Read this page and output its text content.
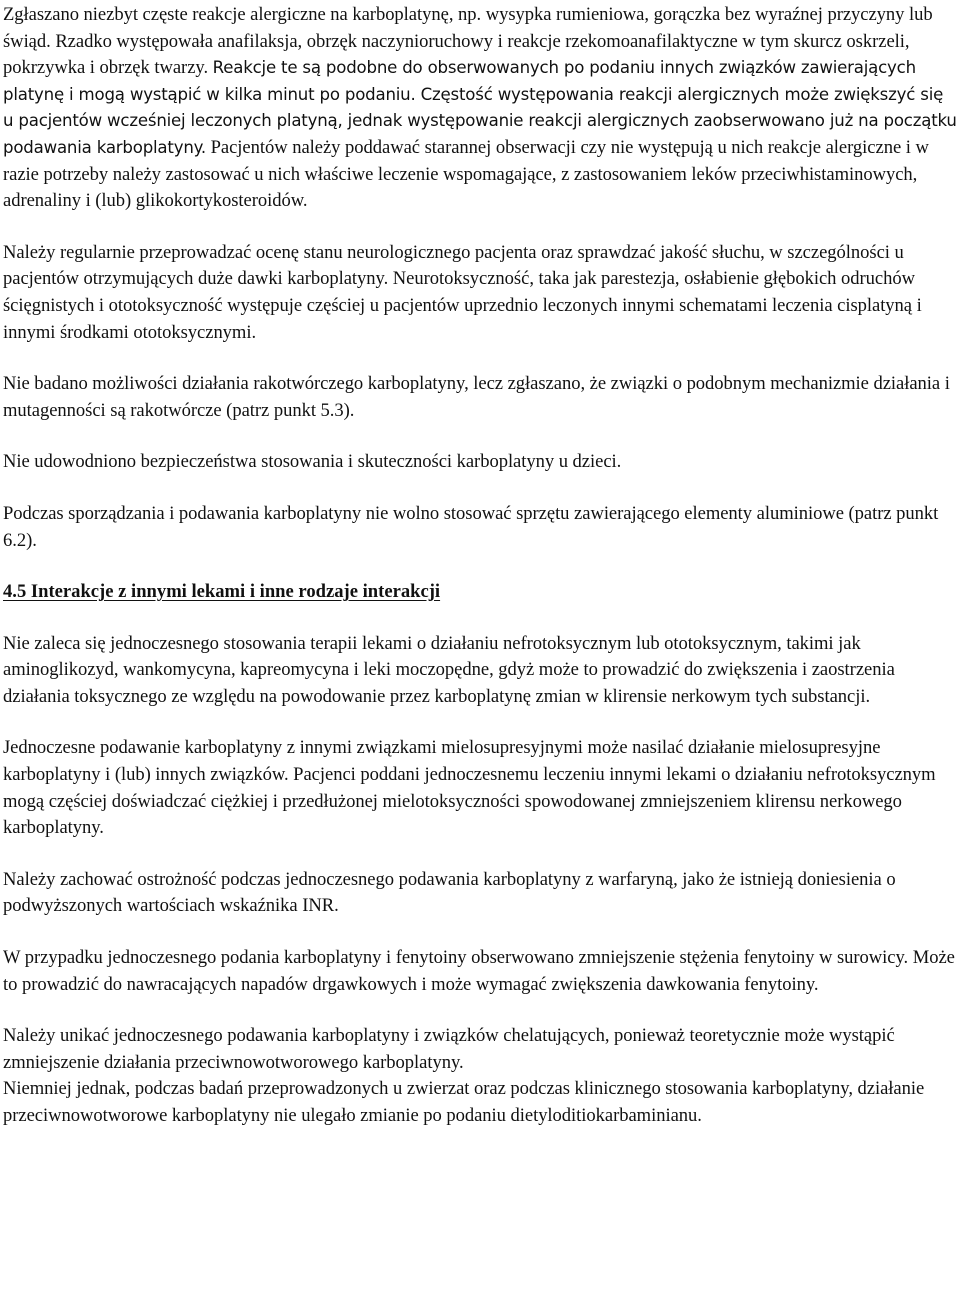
Zgłaszano niezbyt częste reakcje alergiczne na karboplatynę, np. wysypka rumieniowa, gorączka bez wyraźnej przyczyny lub świąd. Rzadko występowała anafilaksja, obrzęk naczynioruchowy i reakcje rzekomoanafilaktyczne w tym skurcz oskrzeli, pokrzywka i obrzęk twarzy. Reakcje te są podobne do obserwowanych po podaniu innych związków zawierających platynę i mogą wystąpić w kilka minut po podaniu. Częstość występowania reakcji alergicznych może zwiększyć się u pacjentów wcześniej leczonych platyną, jednak występowanie reakcji alergicznych zaobserwowano już na początku podawania karboplatyny. Pacjentów należy poddawać starannej obserwacji czy nie występują u nich reakcje alergiczne i w razie potrzeby należy zastosować u nich właściwe leczenie wspomagające, z zastosowaniem leków przeciwhistaminowych, adrenaliny i (lub) glikokortykosteroidów.

Należy regularnie przeprowadzać ocenę stanu neurologicznego pacjenta oraz sprawdzać jakość słuchu, w szczególności u pacjentów otrzymujących duże dawki karboplatyny. Neurotoksyczność, taka jak parestezja, osłabienie głębokich odruchów ścięgnistych i ototoksyczność występuje częściej u pacjentów uprzednio leczonych innymi schematami leczenia cisplatyną i innymi środkami ototoksycznymi.

Nie badano możliwości działania rakotwórczego karboplatyny, lecz zgłaszano, że związki o podobnym mechanizmie działania i mutagenności są rakotwórcze (patrz punkt 5.3).

Nie udowodniono bezpieczeństwa stosowania i skuteczności karboplatyny u dzieci.

Podczas sporządzania i podawania karboplatyny nie wolno stosować sprzętu zawierającego elementy aluminiowe (patrz punkt 6.2).

4.5 Interakcje z innymi lekami i inne rodzaje interakcji

Nie zaleca się jednoczesnego stosowania terapii lekami o działaniu nefrotoksycznym lub ototoksycznym, takimi jak aminoglikozyd, wankomycyna, kapreomycyna i leki moczopędne, gdyż może to prowadzić do zwiększenia i zaostrzenia działania toksycznego ze względu na powodowanie przez karboplatynę zmian w klirensie nerkowym tych substancji.

Jednoczesne podawanie karboplatyny z innymi związkami mielosupresyjnymi może nasilać działanie mielosupresyjne karboplatyny i (lub) innych związków. Pacjenci poddani jednoczesnemu leczeniu innymi lekami o działaniu nefrotoksycznym mogą częściej doświadczać ciężkiej i przedłużonej mielotoksyczności spowodowanej zmniejszeniem klirensu nerkowego karboplatyny.

Należy zachować ostrożność podczas jednoczesnego podawania karboplatyny z warfaryną, jako że istnieją doniesienia o podwyższonych wartościach wskaźnika INR.

W przypadku jednoczesnego podania karboplatyny i fenytoiny obserwowano zmniejszenie stężenia fenytoiny w surowicy. Może to prowadzić do nawracających napadów drgawkowych i może wymagać zwiększenia dawkowania fenytoiny.

Należy unikać jednoczesnego podawania karboplatyny i związków chelatujących, ponieważ teoretycznie może wystąpić zmniejszenie działania przeciwnowotworowego karboplatyny.

Niemniej jednak, podczas badań przeprowadzonych u zwierzat oraz podczas klinicznego stosowania karboplatyny, działanie przeciwnowotworowe karboplatyny nie ulegało zmianie po podaniu dietyloditiokarbaminianu.
